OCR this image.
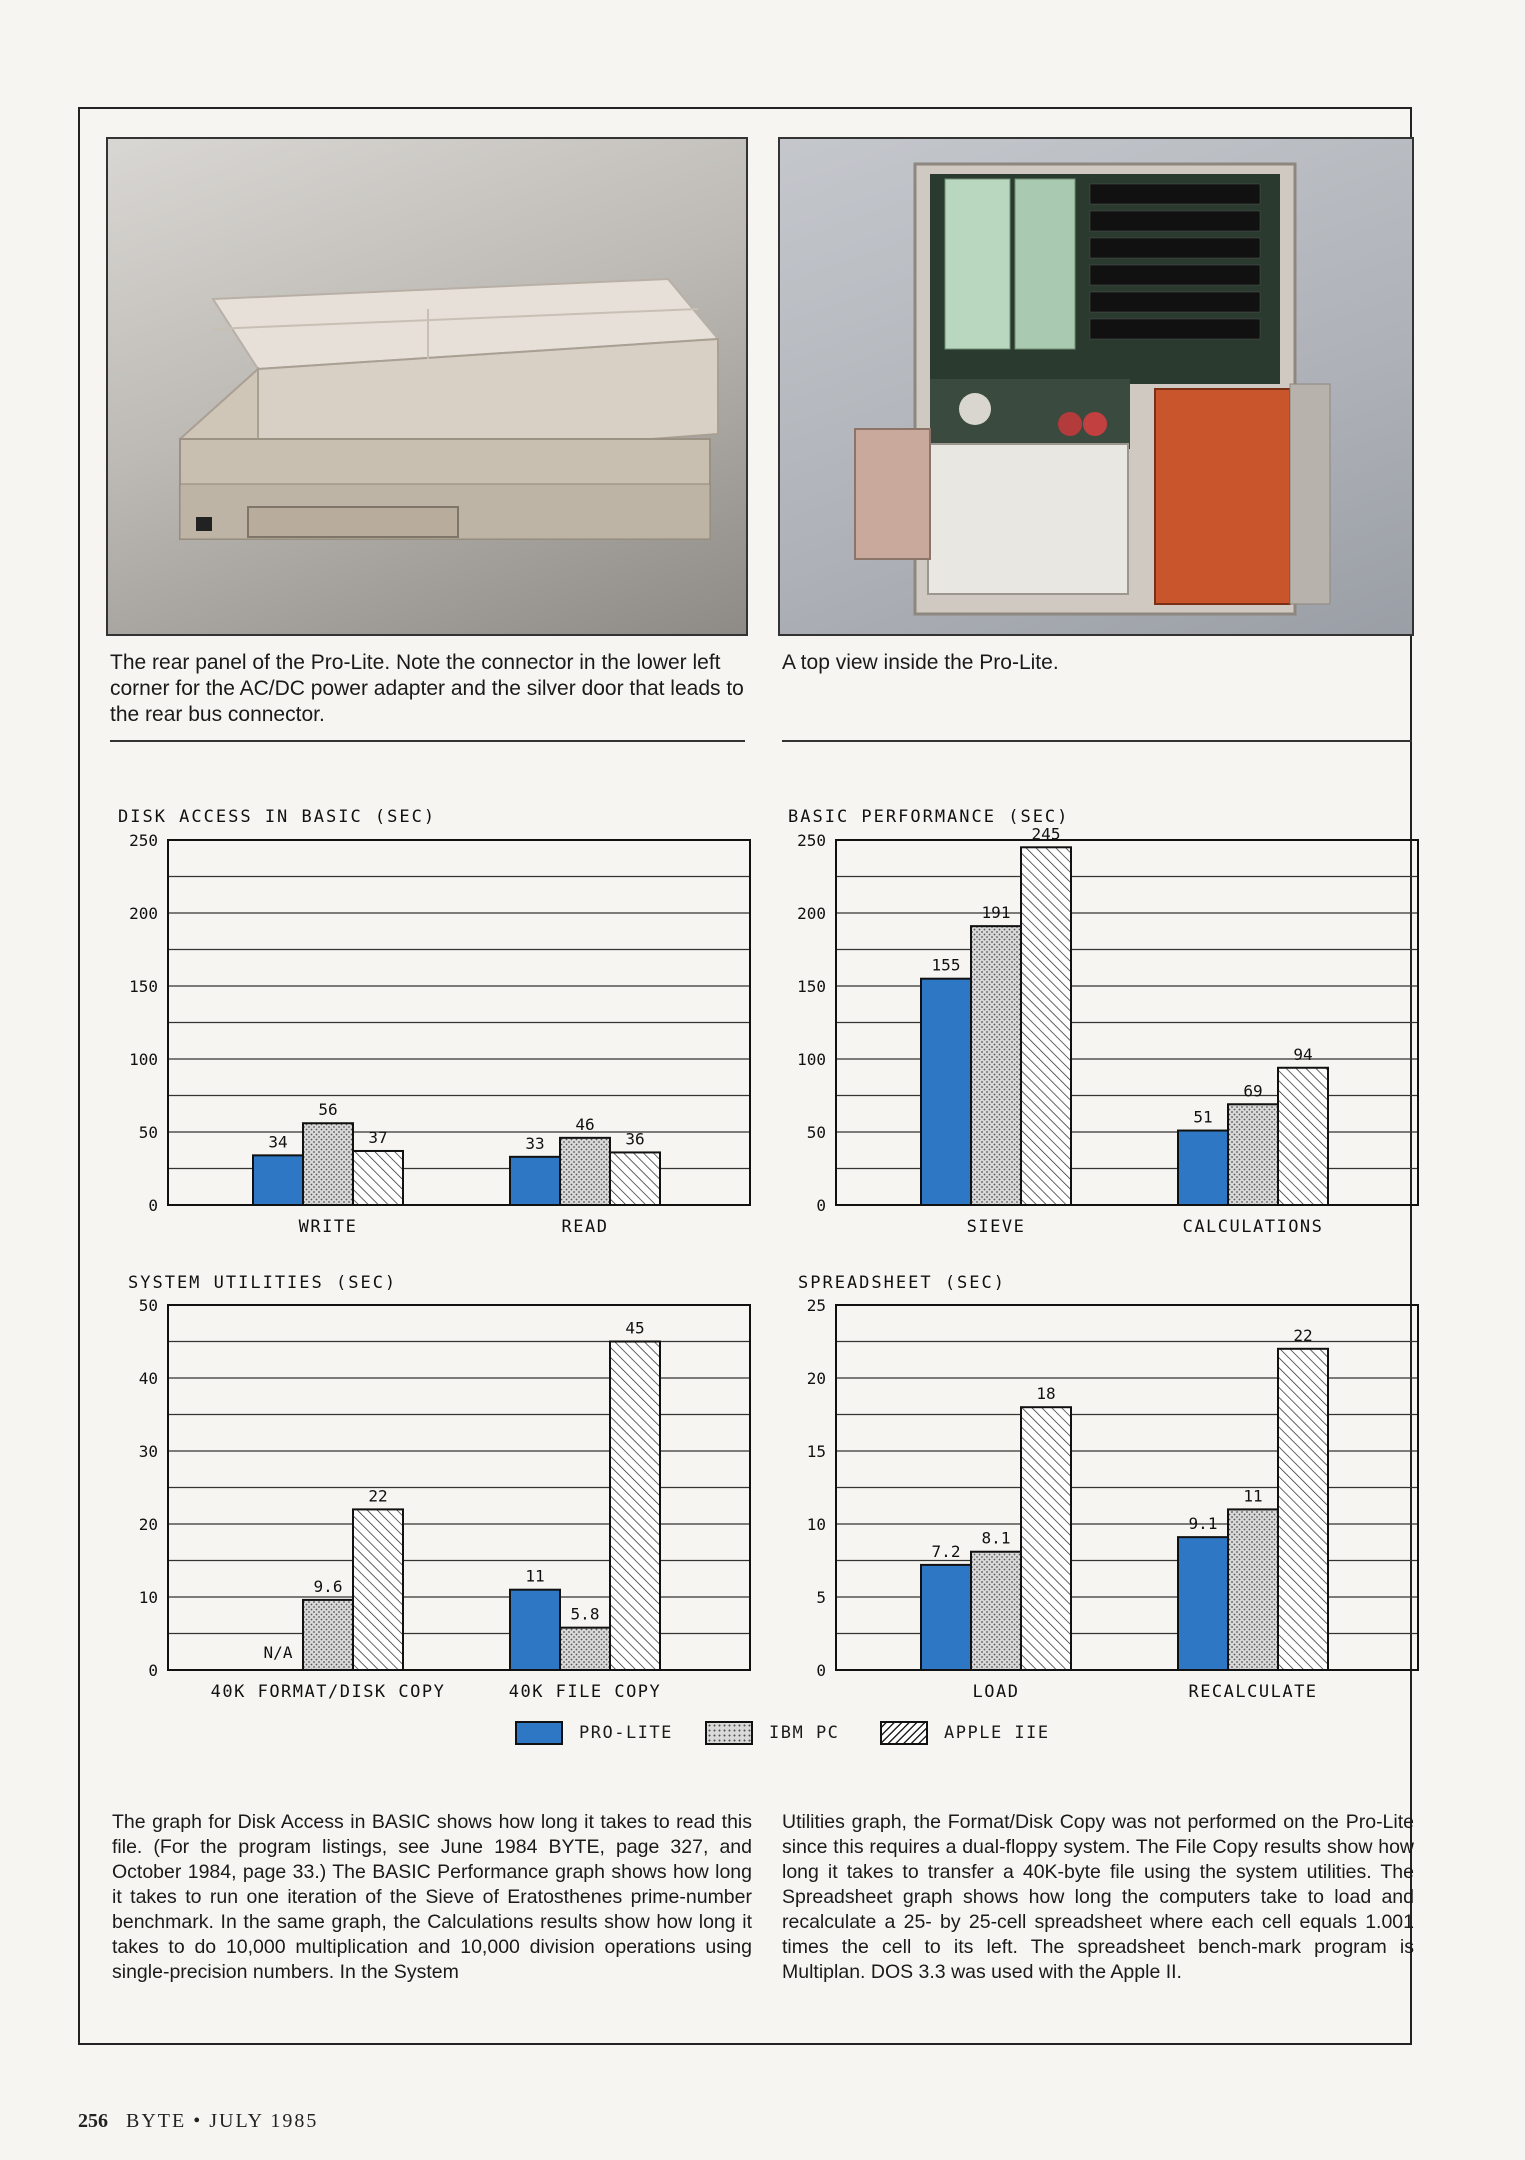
The rear panel of the Pro-Lite. Note the connector in the lower left corner for the AC/DC power adapter and the silver door that leads to the rear bus connector.
A top view inside the Pro-Lite.
DISK ACCESS IN BASIC (SEC)	BASIC PERFORMANCE (SEC)
SYSTEM UTILITIES (SEC)	SPREADSHEET (SEC)
0
50
100
150
200
250
34
56
37
WRITE
33
46
36
READ
0
50
100
150
200
250
155
191
245
SIEVE
51
69
94
CALCULATIONS
0
10
20
30
40
50
N/A
9.6
22
40K FORMAT/DISK COPY
11
5.8
45
40K FILE COPY
0
5
10
15
20
25
7.2
8.1
18
LOAD
9.1
11
22
RECALCULATE
PRO-LITE	IBM PC	APPLE IIE
The graph for Disk Access in BASIC shows how long it takes to read this file. (For the program listings, see June 1984 BYTE, page 327, and October 1984, page 33.) The BASIC Performance graph shows how long it takes to run one iteration of the Sieve of Eratosthenes prime-number benchmark. In the same graph, the Calculations results show how long it takes to do 10,000 multiplication and 10,000 division operations using single-precision numbers. In the System
Utilities graph, the Format/Disk Copy was not performed on the Pro-Lite since this requires a dual-floppy system. The File Copy results show how long it takes to transfer a 40K-byte file using the system utilities. The Spreadsheet graph shows how long the computers take to load and recalculate a 25- by 25-cell spreadsheet where each cell equals 1.001 times the cell to its left. The spreadsheet bench-mark program is Multiplan. DOS 3.3 was used with the Apple II.
256 BYTE • JULY 1985
